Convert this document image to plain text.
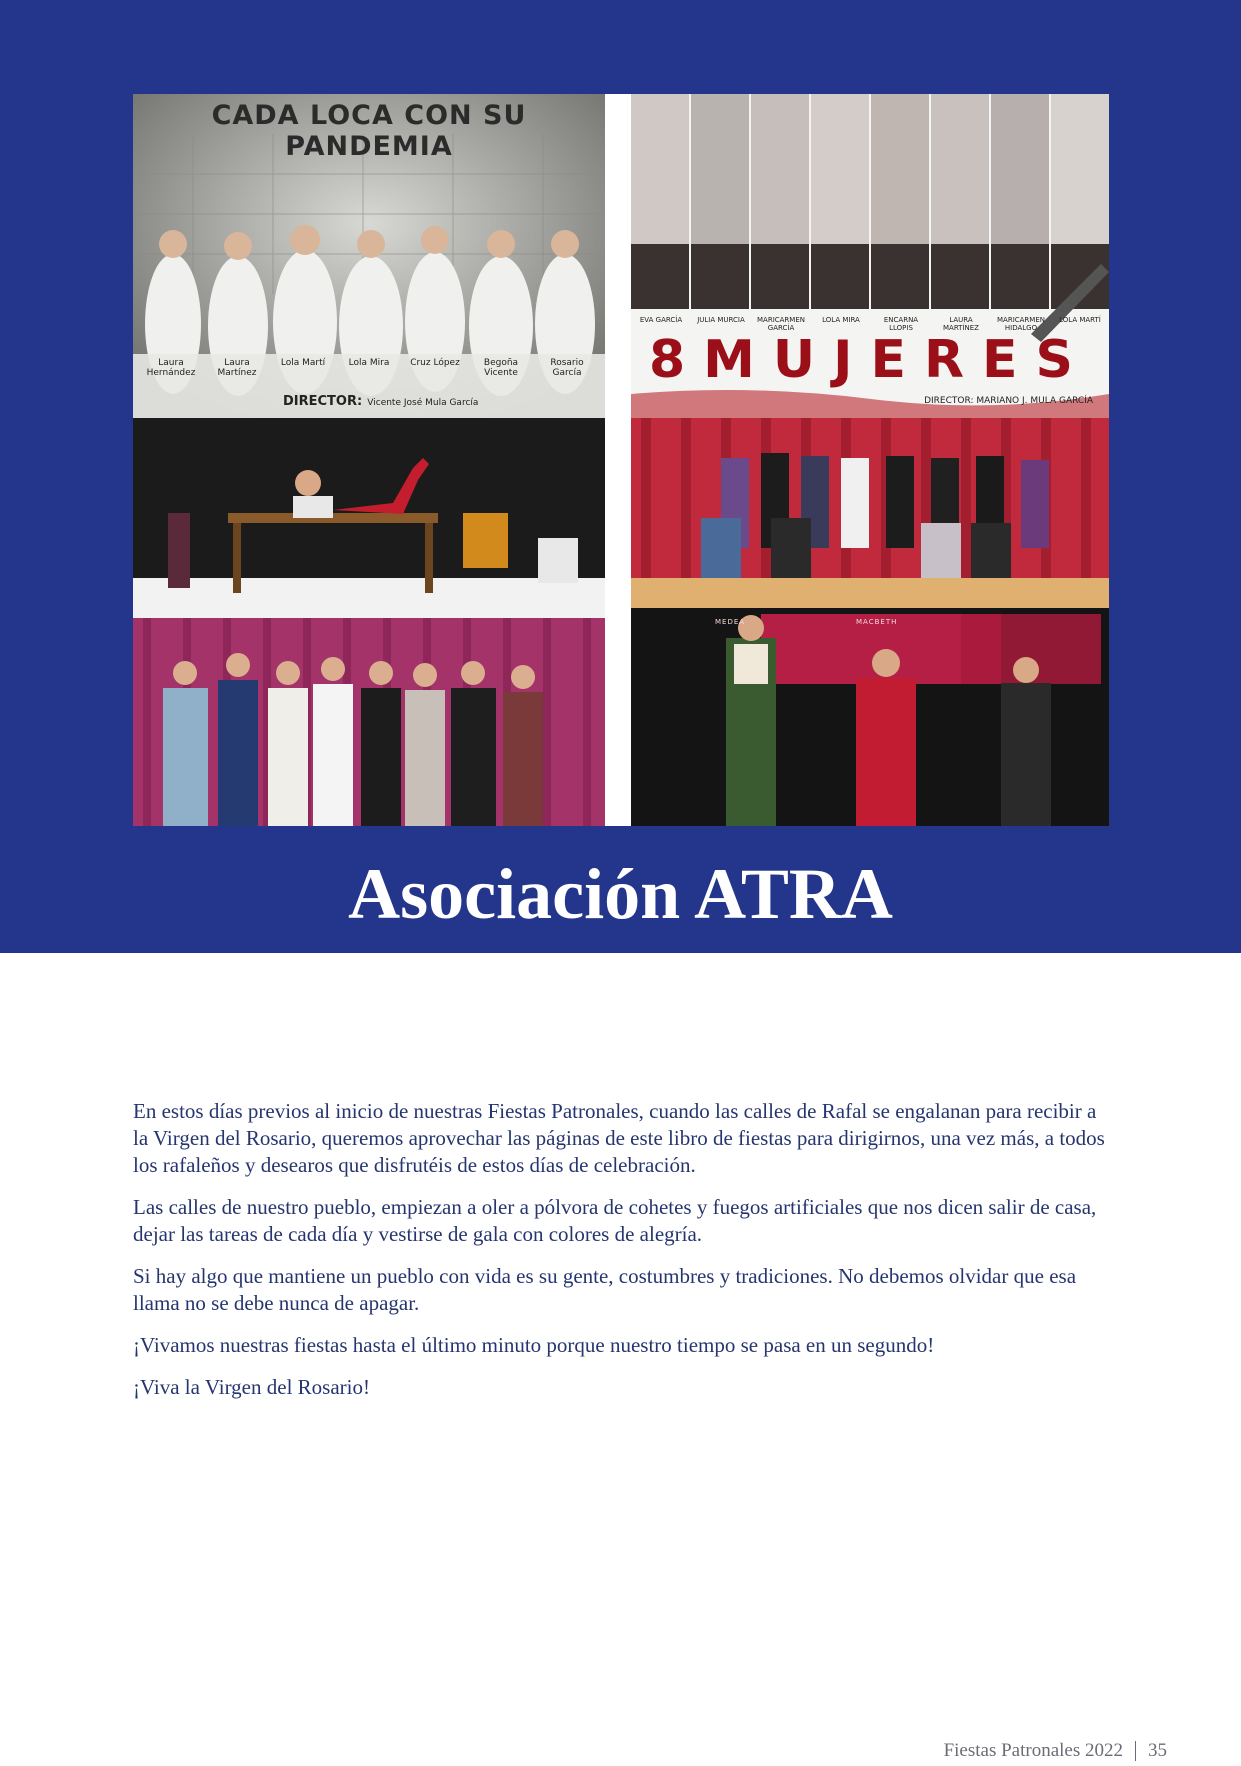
CADA LOCA CON SU PANDEMIA
Laura Hernández
Laura Martínez
Lola Martí	Lola Mira	Cruz López	Begoña Vicente
Rosario García
DIRECTOR: Vicente José Mula García
EVA GARCÍA	JULIA MURCIA	MARICARMEN GARCÍA
LOLA MIRA	ENCARNA LLOPIS
LAURA MARTÍNEZ
MARICARMEN HIDALGO
LOLA MARTÍ
8MUJERES
DIRECTOR: MARIANO J. MULA GARCÍA
MEDEA	MACBETH
Asociación ATRA

En estos días previos al inicio de nuestras Fiestas Patronales, cuando las calles de Rafal se engalanan para recibir a la Virgen del Rosario, queremos aprovechar las páginas de este libro de fiestas para dirigirnos, una vez más, a todos los rafaleños y desearos que disfrutéis de estos días de celebración.

Las calles de nuestro pueblo, empiezan a oler a pólvora de cohetes y fuegos artificiales que nos dicen salir de casa, dejar las tareas de cada día y vestirse de gala con colores de alegría.

Si hay algo que mantiene un pueblo con vida es su gente, costumbres y tradiciones. No debemos olvidar que esa llama no se debe nunca de apagar.

¡Vivamos nuestras fiestas hasta el último minuto porque nuestro tiempo se pasa en un segundo!

¡Viva la Virgen del Rosario!

Fiestas Patronales 2022 35
